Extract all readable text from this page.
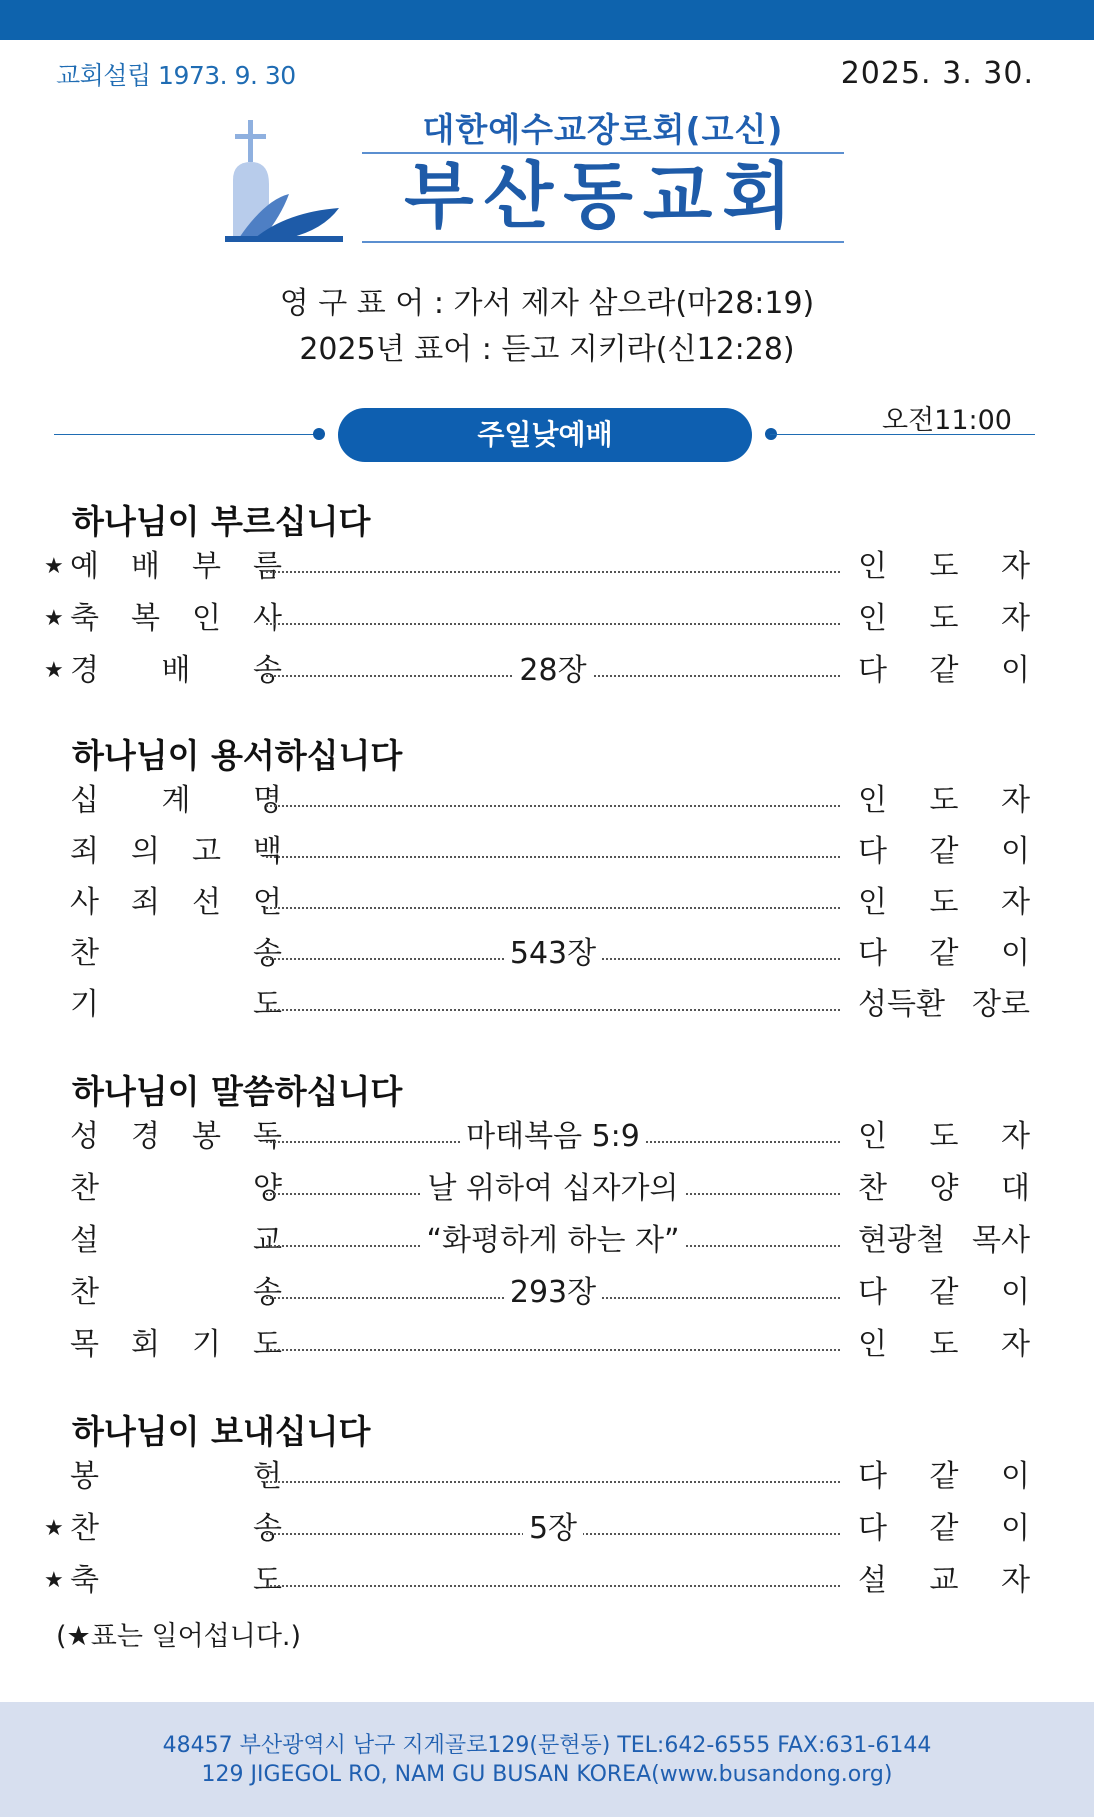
교회설립 1973. 9. 30	2025. 3. 30.
대한예수교장로회(고신)
부산동교회
영 구 표 어 : 가서 제자 삼으라(마28:19)
2025년 표어 : 듣고 지키라(신12:28)
주일낮예배	오전11:00
하나님이 부르십니다
★ 예 배 부 름	인 도 자
★ 축 복 인 사	인 도 자
★ 경 배 송	28장	다 같 이
하나님이 용서하십니다
십 계 명	인 도 자
죄 의 고 백	다 같 이
사 죄 선 언	인 도 자
찬	송	543장	다 같 이
기	도	성득환 장로
하나님이 말씀하십니다
성 경 봉 독	마태복음 5:9	인 도 자
찬	양	날 위하여 십자가의	찬 양 대
설	교	“화평하게 하는 자”	현광철 목사
찬	송	293장	다 같 이
목 회 기 도	인 도 자
하나님이 보내십니다
봉	헌	다 같 이
★ 찬	송	5장	다 같 이
★ 축	도	설 교 자
(★표는 일어섭니다.)
48457 부산광역시 남구 지게골로129(문현동) TEL:642-6555 FAX:631-6144
129 JIGEGOL RO, NAM GU BUSAN KOREA(www.busandong.org)
